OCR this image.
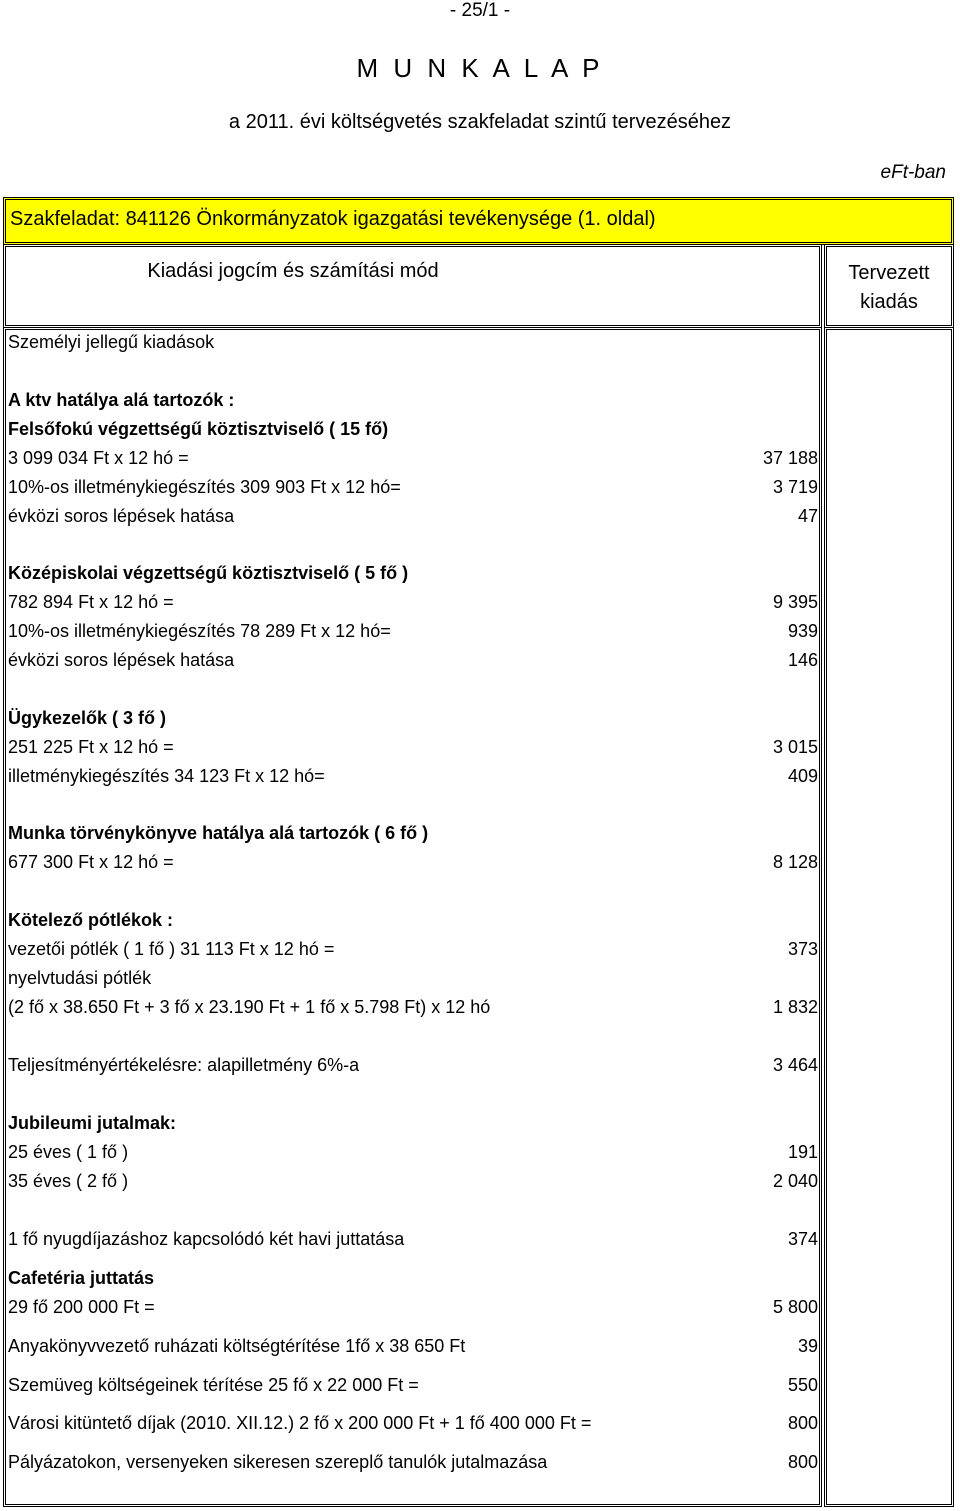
- 25/1 -
M U N K A L A P
a 2011. évi költségvetés szakfeladat szintű tervezéséhez
eFt-ban
Szakfeladat: 841126 Önkormányzatok igazgatási tevékenysége (1. oldal)
Kiadási jogcím és számítási mód	Tervezett kiadás
Személyi jellegű kiadások
A ktv hatálya alá tartozók :
Felsőfokú végzettségű köztisztviselő ( 15 fő)
3 099 034 Ft x 12 hó =	37 188
10%-os illetménykiegészítés 309 903 Ft x 12 hó=	3 719
évközi soros lépések hatása	47
Középiskolai végzettségű köztisztviselő ( 5 fő )
782 894 Ft x 12 hó =	9 395
10%-os illetménykiegészítés 78 289 Ft x 12 hó=	939
évközi soros lépések hatása	146
Ügykezelők ( 3 fő )
251 225 Ft x 12 hó =	3 015
illetménykiegészítés 34 123 Ft x 12 hó=	409
Munka törvénykönyve hatálya alá tartozók ( 6 fő )
677 300 Ft x 12 hó =	8 128
Kötelező pótlékok :
vezetői pótlék ( 1 fő ) 31 113 Ft x 12 hó =	373
nyelvtudási pótlék
(2 fő x 38.650 Ft + 3 fő x 23.190 Ft + 1 fő x 5.798 Ft) x 12 hó	1 832
Teljesítményértékelésre: alapilletmény 6%-a	3 464
Jubileumi jutalmak:
25 éves ( 1 fő )	191
35 éves ( 2 fő )	2 040
1 fő nyugdíjazáshoz kapcsolódó két havi juttatása	374
Cafetéria juttatás
29 fő 200 000 Ft =	5 800
Anyakönyvvezető ruházati költségtérítése 1fő x 38 650 Ft	39
Szemüveg költségeinek térítése 25 fő x 22 000 Ft =	550
Városi kitüntető díjak (2010. XII.12.) 2 fő x 200 000 Ft + 1 fő 400 000 Ft =	800
Pályázatokon, versenyeken sikeresen szereplő tanulók jutalmazása	800
